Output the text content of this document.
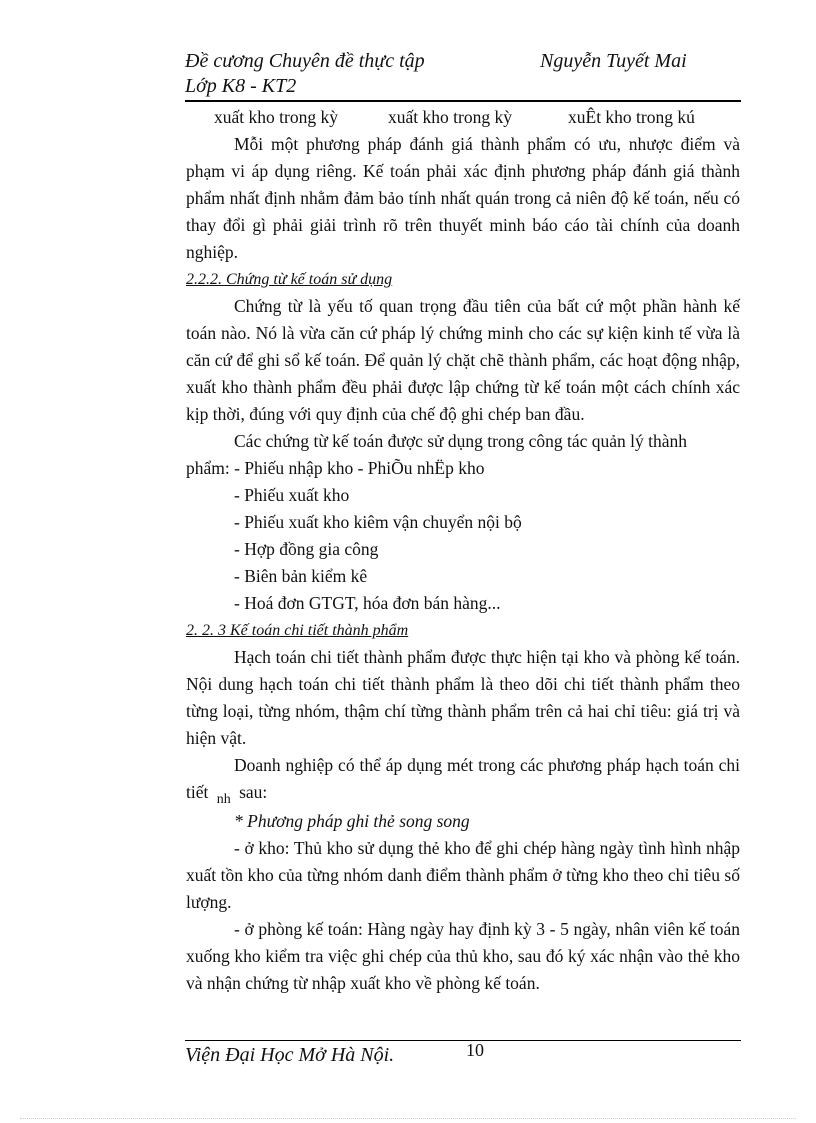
Đề cương Chuyên đề thực tập	Nguyễn Tuyết Mai
Lớp K8 - KT2
xuất kho trong kỳ	xuất kho trong kỳ	xuÊt kho trong kú

Mỗi một phương pháp đánh giá thành phẩm có ưu, nhược điểm và phạm vi áp dụng riêng. Kế toán phải xác định phương pháp đánh giá thành phẩm nhất định nhằm đảm bảo tính nhất quán trong cả niên độ kế toán, nếu có thay đổi gì phải giải trình rõ trên thuyết minh báo cáo tài chính của doanh nghiệp.

2.2.2. Chứng từ kế toán sử dụng

Chứng từ là yếu tố quan trọng đầu tiên của bất cứ một phần hành kế toán nào. Nó là vừa căn cứ pháp lý chứng minh cho các sự kiện kinh tế vừa là căn cứ để ghi sổ kế toán. Để quản lý chặt chẽ thành phẩm, các hoạt động nhập, xuất kho thành phẩm đều phải được lập chứng từ kế toán một cách chính xác kịp thời, đúng với quy định của chế độ ghi chép ban đầu.

Các chứng từ kế toán được sử dụng trong công tác quản lý thành

phẩm: - Phiếu nhập kho - PhiÕu nhËp kho
- Phiếu xuất kho
- Phiếu xuất kho kiêm vận chuyển nội bộ
- Hợp đồng gia công
- Biên bản kiểm kê
- Hoá đơn GTGT, hóa đơn bán hàng...
2. 2. 3 Kế toán chi tiết thành phẩm

Hạch toán chi tiết thành phẩm được thực hiện tại kho và phòng kế toán. Nội dung hạch toán chi tiết thành phẩm là theo dõi chi tiết thành phẩm theo từng loại, từng nhóm, thậm chí từng thành phẩm trên cả hai chỉ tiêu: giá trị và hiện vật.

Doanh nghiệp có thể áp dụng mét trong các phương pháp hạch toán chi tiết $_{nh}$ sau:

* Phương pháp ghi thẻ song song

- ở kho: Thủ kho sử dụng thẻ kho để ghi chép hàng ngày tình hình nhập xuất tồn kho của từng nhóm danh điểm thành phẩm ở từng kho theo chỉ tiêu số lượng.

- ở phòng kế toán: Hàng ngày hay định kỳ 3 - 5 ngày, nhân viên kế toán xuống kho kiểm tra việc ghi chép của thủ kho, sau đó ký xác nhận vào thẻ kho và nhận chứng từ nhập xuất kho về phòng kế toán.

Viện Đại Học Mở Hà Nội.	10
